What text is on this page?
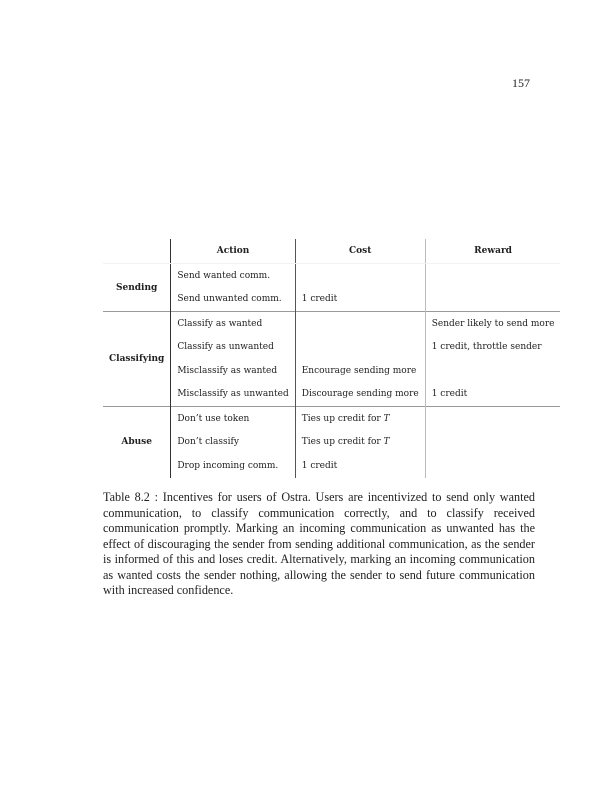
157
	Action	Cost	Reward
Sending	Send wanted comm.		
	Send unwanted comm.	1 credit	
Classifying	Classify as wanted		Sender likely to send more
	Classify as unwanted		1 credit, throttle sender
	Misclassify as wanted	Encourage sending more	
	Misclassify as unwanted	Discourage sending more	1 credit
Abuse	Don’t use token	Ties up credit for T	
	Don’t classify	Ties up credit for T	
	Drop incoming comm.	1 credit	
Table 8.2 : Incentives for users of Ostra. Users are incentivized to send only wanted communication, to classify communication correctly, and to classify received communication promptly. Marking an incoming communication as unwanted has the effect of discouraging the sender from sending additional communication, as the sender is informed of this and loses credit. Alternatively, marking an incoming communication as wanted costs the sender nothing, allowing the sender to send future communication with increased confidence.
